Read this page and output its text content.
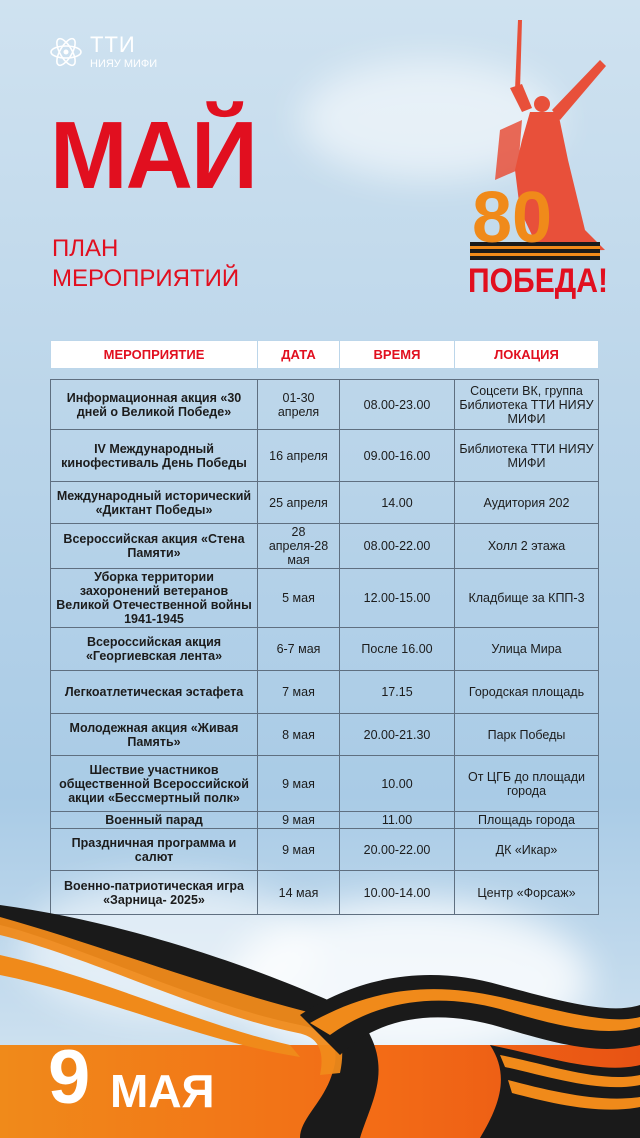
ТТИ
НИЯУ МИФИ
МАЙ
ПЛАН
МЕРОПРИЯТИЙ
80
ПОБЕДА!
МЕРОПРИЯТИЕ	ДАТА	ВРЕМЯ	ЛОКАЦИЯ

Информационная акция «30 дней о Великой Победе»	01-30 апреля	08.00-23.00	Соцсети ВК, группа Библиотека ТТИ НИЯУ МИФИ
IV Международный кинофестиваль День Победы	16 апреля	09.00-16.00	Библиотека ТТИ НИЯУ МИФИ
Международный исторический «Диктант Победы»	25 апреля	14.00	Аудитория 202
Всероссийская акция «Стена Памяти»	28 апреля-28 мая	08.00-22.00	Холл 2 этажа
Уборка территории захоронений ветеранов Великой Отечественной войны 1941-1945	5 мая	12.00-15.00	Кладбище за КПП-3
Всероссийская акция «Георгиевская лента»	6-7 мая	После 16.00	Улица Мира
Легкоатлетическая эстафета	7 мая	17.15	Городская площадь
Молодежная акция «Живая Память»	8 мая	20.00-21.30	Парк Победы
Шествие участников общественной Всероссийской акции «Бессмертный полк»	9 мая	10.00	От ЦГБ до площади города
Военный парад	9 мая	11.00	Площадь города
Праздничная программа и салют	9 мая	20.00-22.00	ДК «Икар»
Военно-патриотическая игра «Зарница- 2025»	14 мая	10.00-14.00	Центр «Форсаж»
9 МАЯ
